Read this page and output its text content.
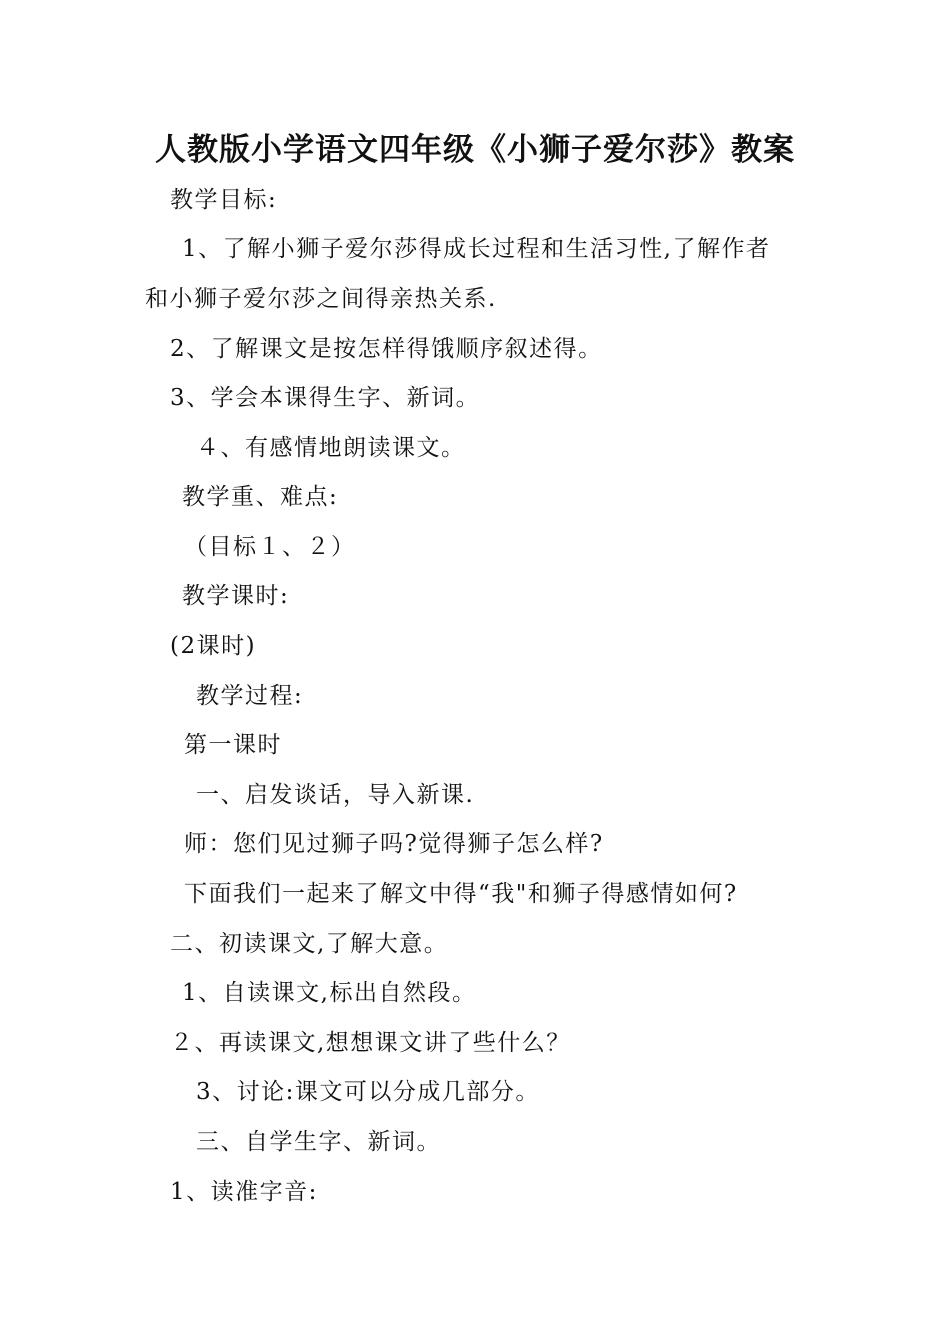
人教版小学语文四年级《小狮子爱尔莎》教案
教学目标:
1、了解小狮子爱尔莎得成长过程和生活习性,了解作者
和小狮子爱尔莎之间得亲热关系.
2、了解课文是按怎样得饿顺序叙述得。
3、学会本课得生字、新词。
４、有感情地朗读课文。
教学重、难点:
（目标１、２）
教学课时:
(2课时)
教学过程:
第一课时
一、启发谈话，导入新课.
师：您们见过狮子吗?觉得狮子怎么样?
下面我们一起来了解文中得“我"和狮子得感情如何?
二、初读课文,了解大意。
1、自读课文,标出自然段。
２、再读课文,想想课文讲了些什么？
3、讨论:课文可以分成几部分。
三、自学生字、新词。
1、读准字音:
